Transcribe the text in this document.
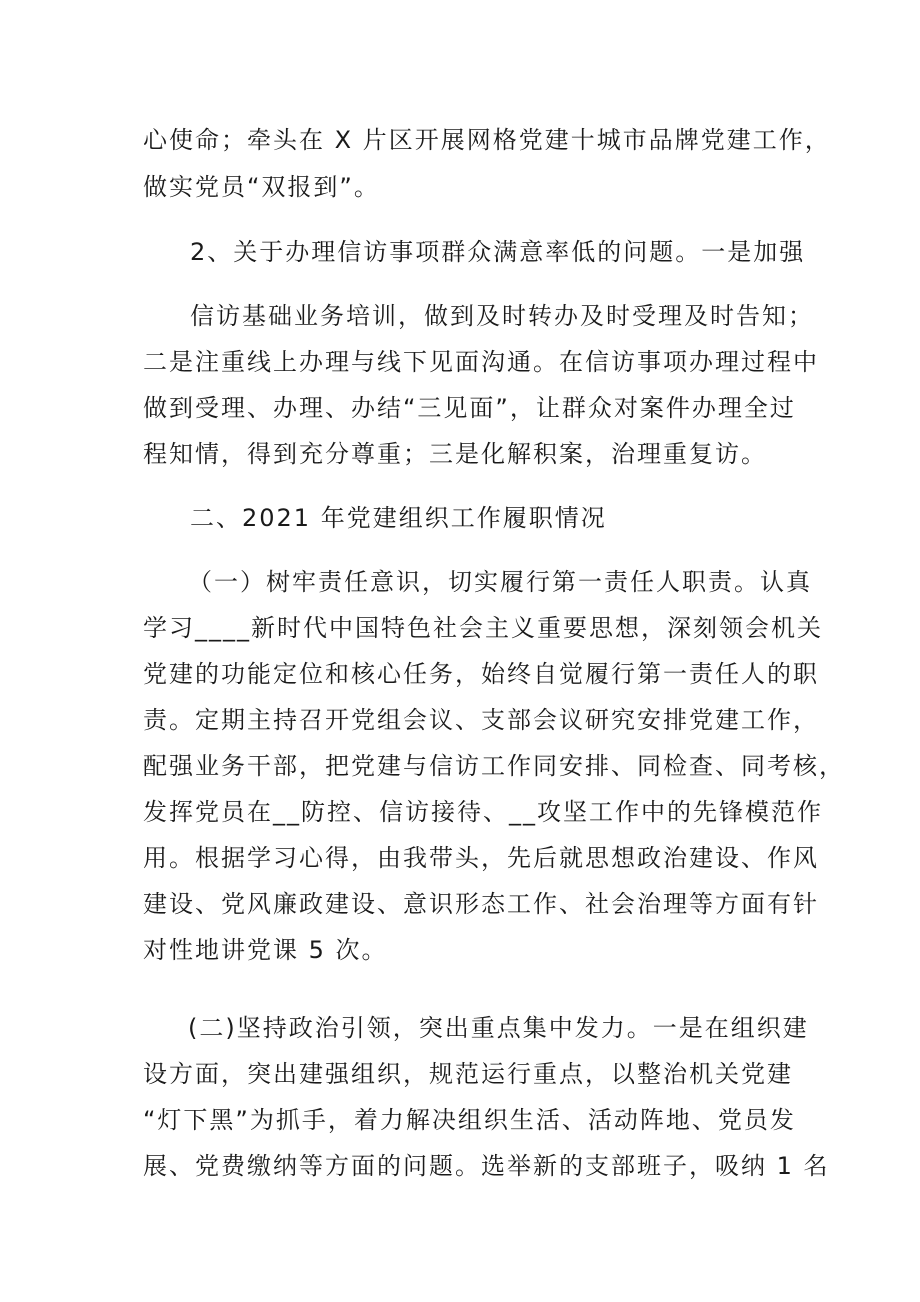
心使命；牵头在 X 片区开展网格党建十城市品牌党建工作，
做实党员“双报到”。
2、关于办理信访事项群众满意率低的问题。一是加强
信访基础业务培训，做到及时转办及时受理及时告知；
二是注重线上办理与线下见面沟通。在信访事项办理过程中
做到受理、办理、办结“三见面”，让群众对案件办理全过
程知情，得到充分尊重；三是化解积案，治理重复访。
二、2021 年党建组织工作履职情况
（一）树牢责任意识，切实履行第一责任人职责。认真
学习____新时代中国特色社会主义重要思想，深刻领会机关
党建的功能定位和核心任务，始终自觉履行第一责任人的职
责。定期主持召开党组会议、支部会议研究安排党建工作，
配强业务干部，把党建与信访工作同安排、同检查、同考核，
发挥党员在__防控、信访接待、__攻坚工作中的先锋模范作
用。根据学习心得，由我带头，先后就思想政治建设、作风
建设、党风廉政建设、意识形态工作、社会治理等方面有针
对性地讲党课 5 次。
(二)坚持政治引领，突出重点集中发力。一是在组织建
设方面，突出建强组织，规范运行重点，以整治机关党建
“灯下黑”为抓手，着力解决组织生活、活动阵地、党员发
展、党费缴纳等方面的问题。选举新的支部班子，吸纳 1 名
